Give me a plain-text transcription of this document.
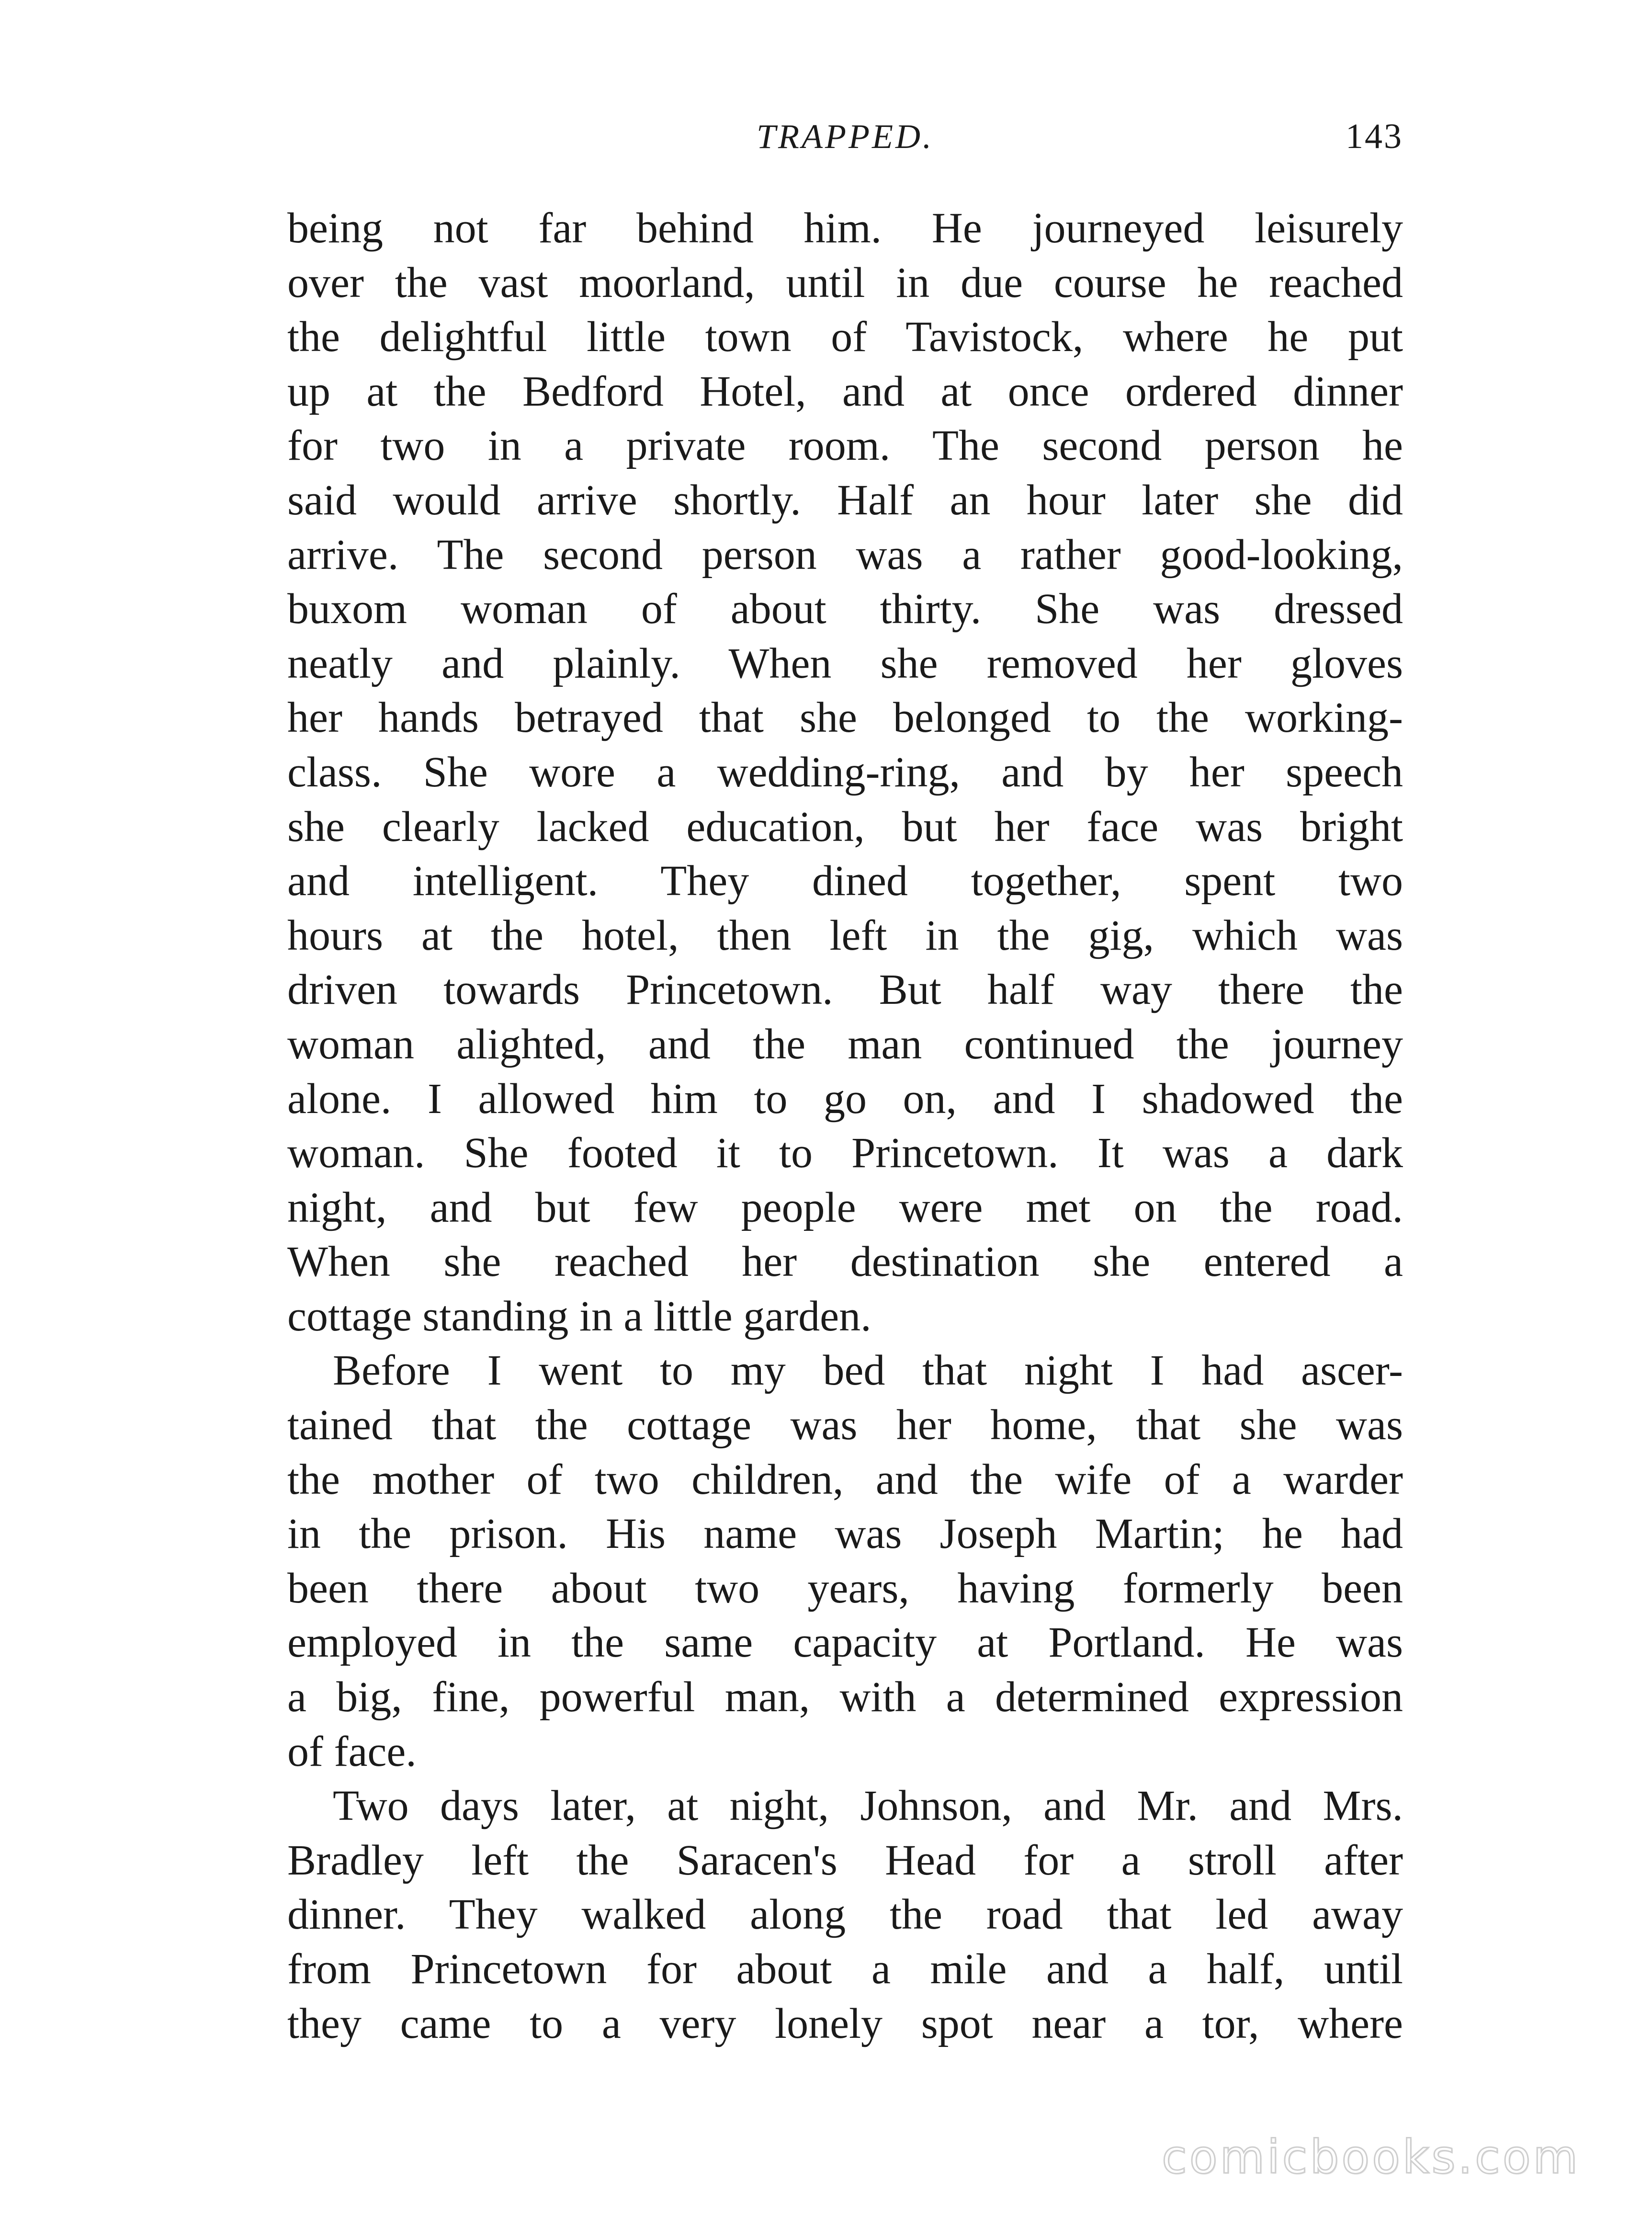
TRAPPED.	143
being not far behind him. He journeyed leisurely
over the vast moorland, until in due course he reached
the delightful little town of Tavistock, where he put
up at the Bedford Hotel, and at once ordered dinner
for two in a private room. The second person he
said would arrive shortly. Half an hour later she did
arrive. The second person was a rather good-looking,
buxom woman of about thirty. She was dressed
neatly and plainly. When she removed her gloves
her hands betrayed that she belonged to the working-
class. She wore a wedding-ring, and by her speech
she clearly lacked education, but her face was bright
and intelligent. They dined together, spent two
hours at the hotel, then left in the gig, which was
driven towards Princetown. But half way there the
woman alighted, and the man continued the journey
alone. I allowed him to go on, and I shadowed the
woman. She footed it to Princetown. It was a dark
night, and but few people were met on the road.
When she reached her destination she entered a
cottage standing in a little garden.
Before I went to my bed that night I had ascer-
tained that the cottage was her home, that she was
the mother of two children, and the wife of a warder
in the prison. His name was Joseph Martin; he had
been there about two years, having formerly been
employed in the same capacity at Portland. He was
a big, fine, powerful man, with a determined expression
of face.
Two days later, at night, Johnson, and Mr. and Mrs.
Bradley left the Saracen's Head for a stroll after
dinner. They walked along the road that led away
from Princetown for about a mile and a half, until
they came to a very lonely spot near a tor, where
comicbooks.com
